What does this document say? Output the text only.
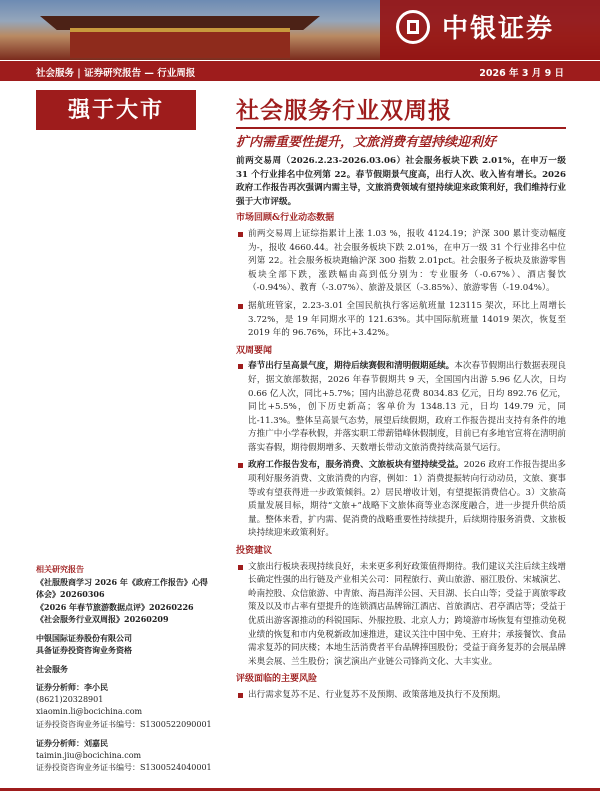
中银证券
社会服务 | 证券研究报告 — 行业周报	2026 年 3 月 9 日
强于大市	社会服务行业双周报
扩内需重要性提升，文旅消费有望持续迎利好
前两交易周（2026.2.23-2026.03.06）社会服务板块下跌 2.01%，在申万一级 31 个行业排名中位列第 22。春节假期景气度高，出行人次、收入皆有增长。2026 政府工作报告再次强调内需主导，文旅消费领域有望持续迎来政策利好，我们维持行业强于大市评级。
市场回顾&行业动态数据
前两交易周上证综指累计上涨 1.03 %，报收 4124.19；沪深 300 累计变动幅度为-，报收 4660.44。社会服务板块下跌 2.01%，在申万一级 31 个行业排名中位列第 22。社会服务板块跑输沪深 300 指数 2.01pct。社会服务子板块及旅游零售板块全部下跌，涨跌幅由高到低分别为：专业服务（-0.67%）、酒店餐饮（-0.94%）、教育（-3.07%）、旅游及景区（-3.85%）、旅游零售（-19.04%）。
据航班管家，2.23-3.01 全国民航执行客运航班量 123115 架次，环比上周增长 3.72%，是 19 年同期水平的 121.63%。其中国际航班量 14019 架次，恢复至 2019 年的 96.76%，环比+3.42%。
双周要闻
春节出行呈高景气度，期待后续赛假和清明假期延续。本次春节假期出行数据表现良好，据文旅部数据，2026 年春节假期共 9 天，全国国内出游 5.96 亿人次，日均 0.66 亿人次，同比+5.7%；国内出游总花费 8034.83 亿元，日均 892.76 亿元，同比+5.5%，创下历史新高；客单价为 1348.13 元，日均 149.79 元，同比-11.3%。整体呈高景气态势，展望后续假期，政府工作报告提出支持有条件的地方推广中小学春秋假，并落实职工带薪错峰休假制度，目前已有多地官宣将在清明前落实春假，期待假期增多、天数增长带动文旅消费持续高景气运行。
政府工作报告发布，服务消费、文旅板块有望持续受益。2026 政府工作报告提出多项利好服务消费、文旅消费的内容，例如：1）消费提振转向行动动员，文旅、赛事等或有望获得进一步政策倾斜。2）居民增收计划，有望提振消费信心。3）文旅高质量发展目标，期待“文旅+”战略下文旅体商等业态深度融合，进一步提升供给质量。整体来看，扩内需、促消费的战略重要性持续提升，后续期待服务消费、文旅板块持续迎来政策利好。
投资建议
文旅出行板块表现持续良好，未来更多利好政策值得期待。我们建议关注后续主线增长确定性强的出行链及产业相关公司：同程旅行、黄山旅游、丽江股份、宋城演艺、岭南控股、众信旅游、中青旅、海昌海洋公园、天目湖、长白山等；受益于离旅零政策及以及市占率有望提升的连锁酒店品牌锦江酒店、首旅酒店、君亭酒店等；受益于优质出游客源推动的科锐国际、外服控股、北京人力；跨境游市场恢复有望推动免税业绩的恢复和市内免税新政加速推进，建议关注中国中免、王府井；承接餐饮、食品需求复苏的同庆楼；本地生活消费者平台品牌捧国股份；受益于商务复苏的会展品牌米奥会展、兰生股份；演艺演出产业链公司锋尚文化、大丰实业。
评级面临的主要风险
出行需求复苏不足、行业复苏不及预期、政策落地及执行不及预期。
相关研究报告
《社服殷商学习 2026 年《政府工作报告》心得体会》20260306
《2026 年春节旅游数据点评》20260226
《社会服务行业双周报》20260209
中银国际证券股份有限公司
具备证券投资咨询业务资格
社会服务
证券分析师：李小民
(8621)20328901
xiaomin.li@bocichina.com
证券投资咨询业务证书编号：S1300522090001
证券分析师：刘嘉民
taimin.jiu@bocichina.com
证券投资咨询业务证书编号：S1300524040001
